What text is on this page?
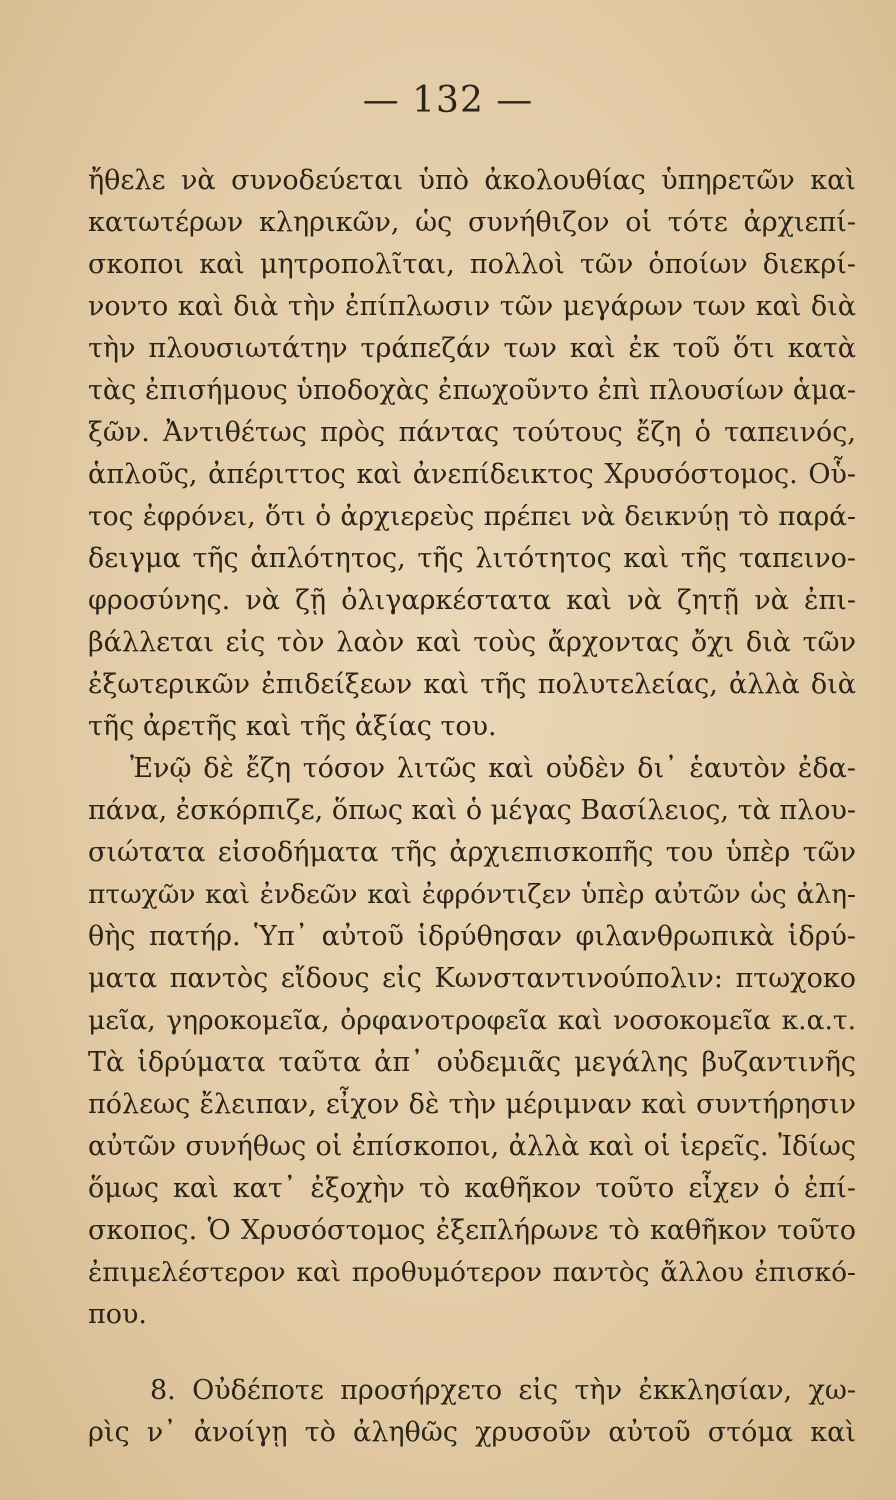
— 132 —
ἤθελε νὰ συνοδεύεται ὑπὸ ἀκολουθίας ὑπηρετῶν καὶ
κατωτέρων κληρικῶν, ὡς συνήθιζον οἱ τότε ἀρχιεπί-
σκοποι καὶ μητροπολῖται, πολλοὶ τῶν ὁποίων διεκρί-
νοντο καὶ διὰ τὴν ἐπίπλωσιν τῶν μεγάρων των καὶ διὰ
τὴν πλουσιωτάτην τράπεζάν των καὶ ἐκ τοῦ ὅτι κατὰ
τὰς ἐπισήμους ὑποδοχὰς ἐπωχοῦντο ἐπὶ πλουσίων ἁμα-
ξῶν. Ἀντιθέτως πρὸς πάντας τούτους ἔζη ὁ ταπεινός,
ἁπλοῦς, ἀπέριττος καὶ ἀνεπίδεικτος Χρυσόστομος. Οὗ-
τος ἐφρόνει, ὅτι ὁ ἀρχιερεὺς πρέπει νὰ δεικνύῃ τὸ παρά-
δειγμα τῆς ἁπλότητος, τῆς λιτότητος καὶ τῆς ταπεινο-
φροσύνης. νὰ ζῇ ὀλιγαρκέστατα καὶ νὰ ζητῇ νὰ ἐπι-
βάλλεται εἰς τὸν λαὸν καὶ τοὺς ἄρχοντας ὄχι διὰ τῶν
ἐξωτερικῶν ἐπιδείξεων καὶ τῆς πολυτελείας, ἀλλὰ διὰ
τῆς ἀρετῆς καὶ τῆς ἀξίας του.
Ἐνῷ δὲ ἔζη τόσον λιτῶς καὶ οὐδὲν δι᾽ ἑαυτὸν ἐδα-
πάνα, ἐσκόρπιζε, ὅπως καὶ ὁ μέγας Βασίλειος, τὰ πλου-
σιώτατα εἰσοδήματα τῆς ἀρχιεπισκοπῆς του ὑπὲρ τῶν
πτωχῶν καὶ ἐνδεῶν καὶ ἐφρόντιζεν ὑπὲρ αὐτῶν ὡς ἀλη-
θὴς πατήρ. Ὑπ᾽ αὐτοῦ ἱδρύθησαν φιλανθρωπικὰ ἱδρύ-
ματα παντὸς εἴδους εἰς Κωνσταντινούπολιν: πτωχοκο
μεῖα, γηροκομεῖα, ὀρφανοτροφεῖα καὶ νοσοκομεῖα κ.α.τ.
Τὰ ἱδρύματα ταῦτα ἀπ᾽ οὐδεμιᾶς μεγάλης βυζαντινῆς
πόλεως ἔλειπαν, εἶχον δὲ τὴν μέριμναν καὶ συντήρησιν
αὐτῶν συνήθως οἱ ἐπίσκοποι, ἀλλὰ καὶ οἱ ἱερεῖς. Ἰδίως
ὅμως καὶ κατ᾽ ἐξοχὴν τὸ καθῆκον τοῦτο εἶχεν ὁ ἐπί-
σκοπος. Ὁ Χρυσόστομος ἐξεπλήρωνε τὸ καθῆκον τοῦτο
ἐπιμελέστερον καὶ προθυμότερον παντὸς ἄλλου ἐπισκό-
που.
8. Οὐδέποτε προσήρχετο εἰς τὴν ἐκκλησίαν, χω-
ρὶς ν᾽ ἀνοίγῃ τὸ ἀληθῶς χρυσοῦν αὐτοῦ στόμα καὶ
